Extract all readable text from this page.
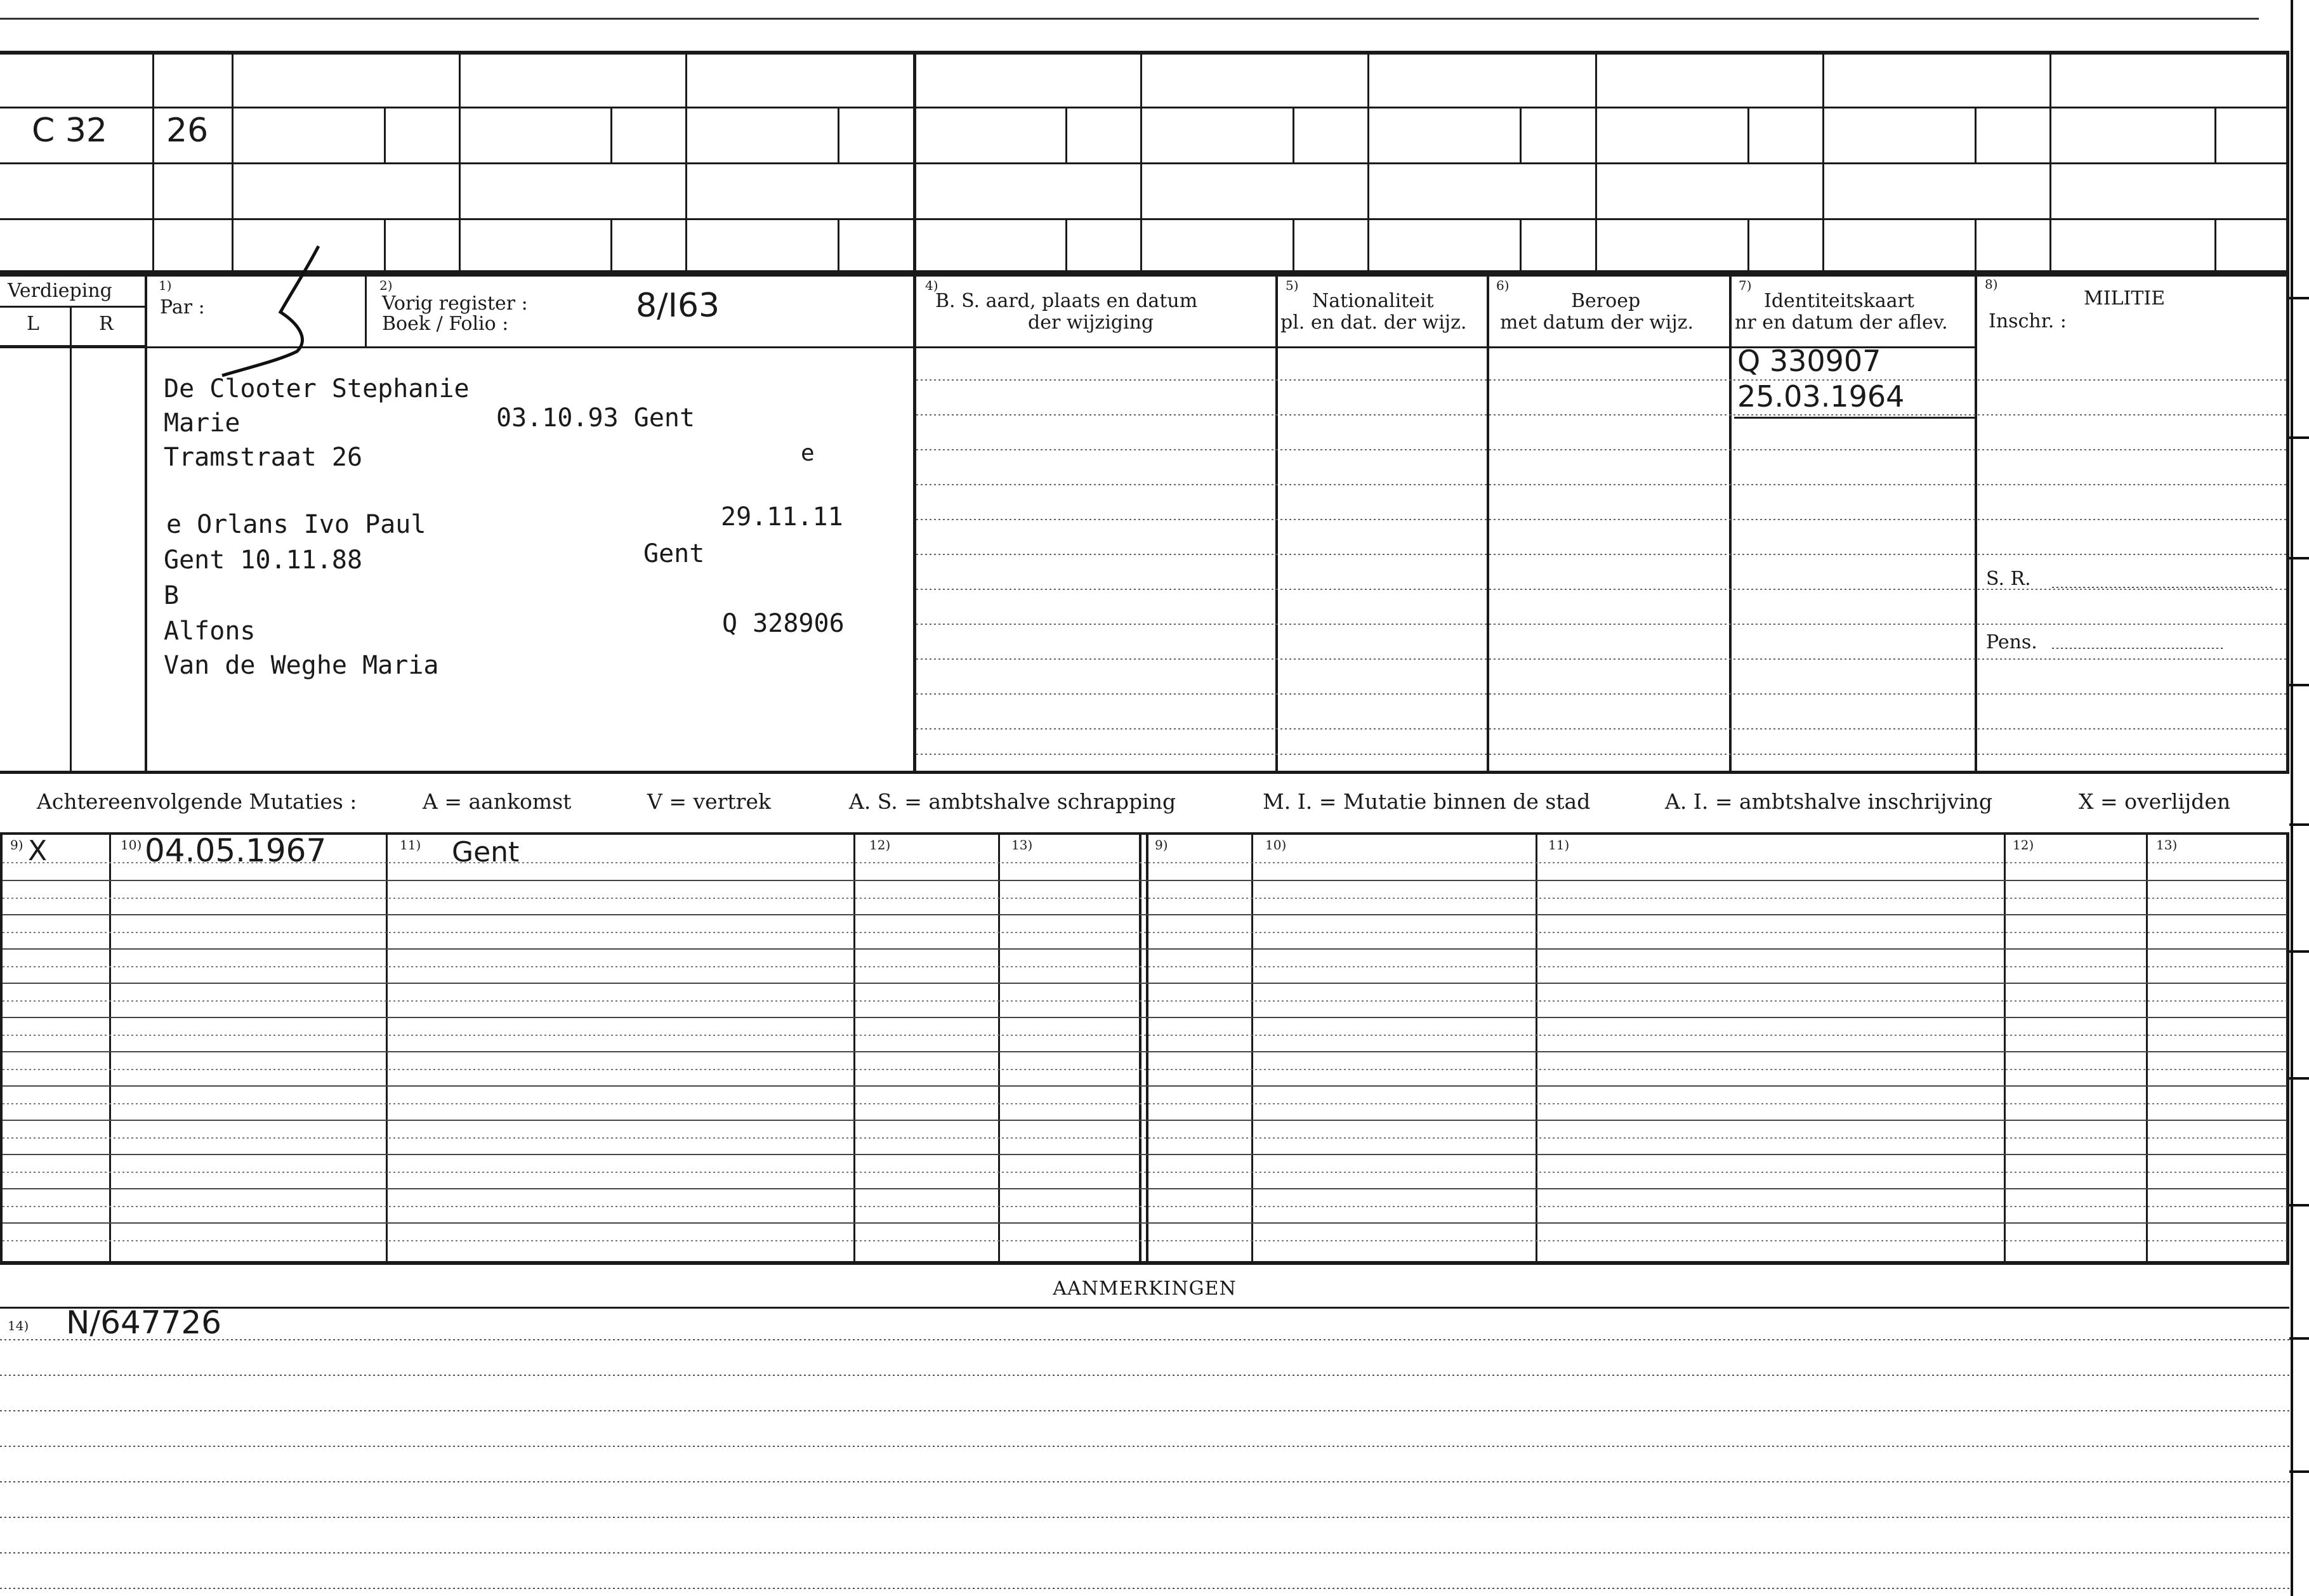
C 32 26
Verdieping
L	R
1)
Par :
2)
Vorig register :
Boek / Folio :	8/I63
4)
B. S. aard, plaats en datum
der wijziging
5)
Nationaliteit
pl. en dat. der wijz.
6)
Beroep
met datum der wijz.
7)
Identiteitskaart
nr en datum der aflev.
8)
MILITIE
Inschr. :
S. R.
Pens.
De Clooter Stephanie
Marie	03.10.93 Gent
Tramstraat 26	e
e Orlans Ivo Paul	29.11.11
Gent 10.11.88	Gent
B
Alfons	Q 328906
Van de Weghe Maria
Q 330907
25.03.1964
Achtereenvolgende Mutaties :	A = aankomst	V = vertrek	A. S. = ambtshalve schrapping	M. I. = Mutatie binnen de stad	A. I. = ambtshalve inschrijving	X = overlijden
9)	10)	11)	12)	13)	9)	10)	11)	12)	13)
X	04.05.1967	Gent
AANMERKINGEN
14) N/647726
